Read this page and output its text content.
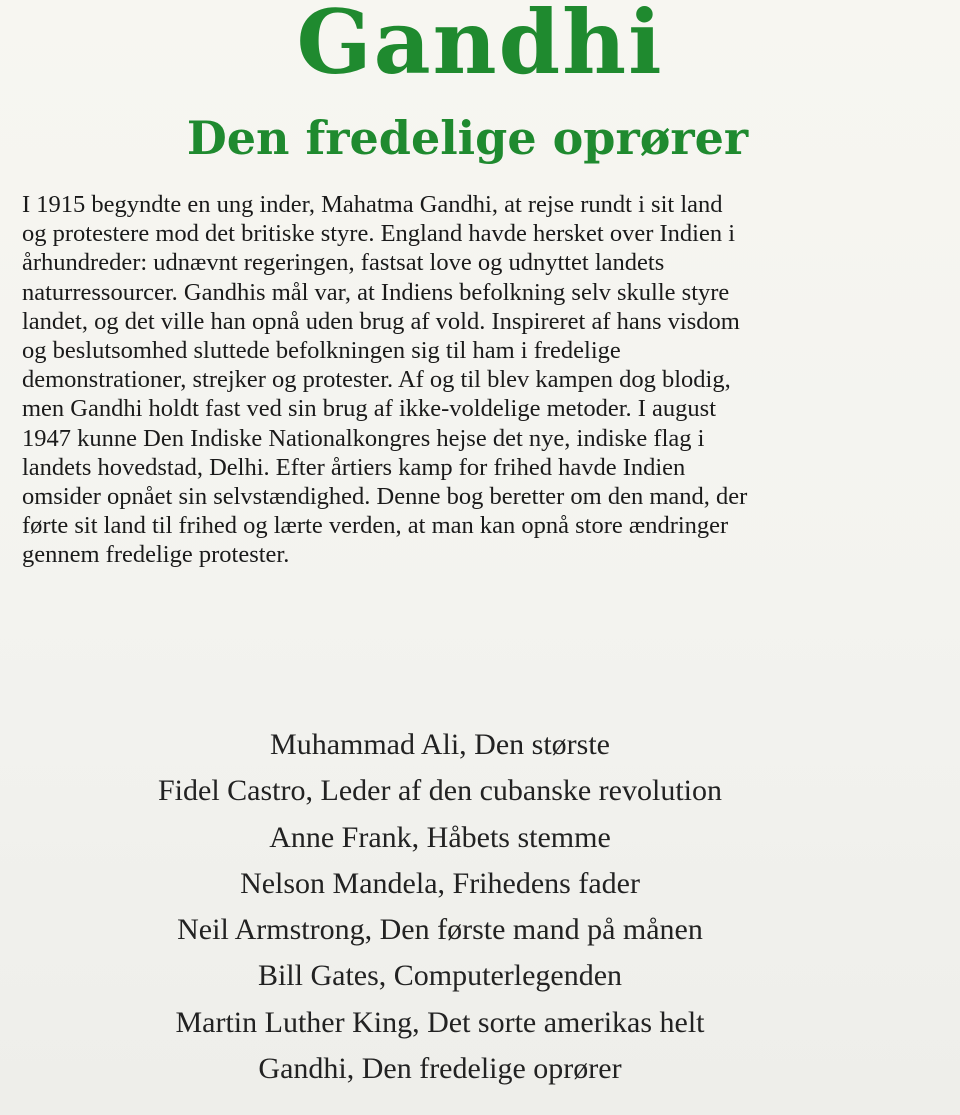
Gandhi
Den fredelige oprører

I 1915 begyndte en ung inder, Mahatma Gandhi, at rejse rundt i sit land
og protestere mod det britiske styre. England havde hersket over Indien i
århundreder: udnævnt regeringen, fastsat love og udnyttet landets
naturressourcer. Gandhis mål var, at Indiens befolkning selv skulle styre
landet, og det ville han opnå uden brug af vold. Inspireret af hans visdom
og beslutsomhed sluttede befolkningen sig til ham i fredelige
demonstrationer, strejker og protester. Af og til blev kampen dog blodig,
men Gandhi holdt fast ved sin brug af ikke-voldelige metoder. I august
1947 kunne Den Indiske Nationalkongres hejse det nye, indiske flag i
landets hovedstad, Delhi. Efter årtiers kamp for frihed havde Indien
omsider opnået sin selvstændighed. Denne bog beretter om den mand, der
førte sit land til frihed og lærte verden, at man kan opnå store ændringer
gennem fredelige protester.

Muhammad Ali, Den største
Fidel Castro, Leder af den cubanske revolution
Anne Frank, Håbets stemme
Nelson Mandela, Frihedens fader
Neil Armstrong, Den første mand på månen
Bill Gates, Computerlegenden
Martin Luther King, Det sorte amerikas helt
Gandhi, Den fredelige oprører
